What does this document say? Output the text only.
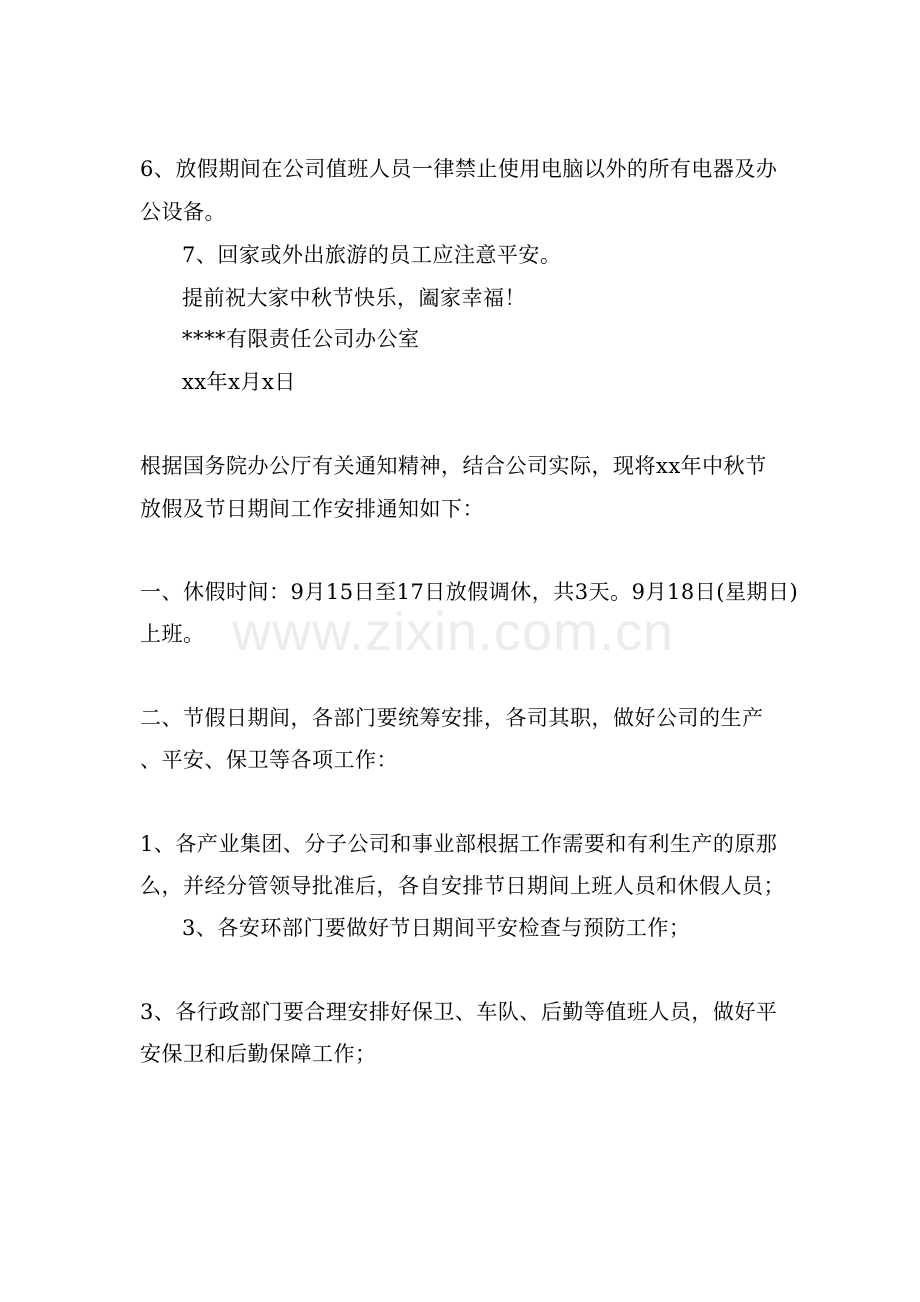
www.zixin.com.cn
6、放假期间在公司值班人员一律禁止使用电脑以外的所有电器及办
公设备。
7、回家或外出旅游的员工应注意平安。
提前祝大家中秋节快乐，阖家幸福！
****有限责任公司办公室
xx年x月x日
根据国务院办公厅有关通知精神，结合公司实际，现将xx年中秋节
放假及节日期间工作安排通知如下：
一、休假时间：9月15日至17日放假调休，共3天。9月18日(星期日)
上班。
二、节假日期间，各部门要统筹安排，各司其职，做好公司的生产
、平安、保卫等各项工作：
1、各产业集团、分子公司和事业部根据工作需要和有利生产的原那
么，并经分管领导批准后，各自安排节日期间上班人员和休假人员；
3、各安环部门要做好节日期间平安检查与预防工作；
3、各行政部门要合理安排好保卫、车队、后勤等值班人员，做好平
安保卫和后勤保障工作；
